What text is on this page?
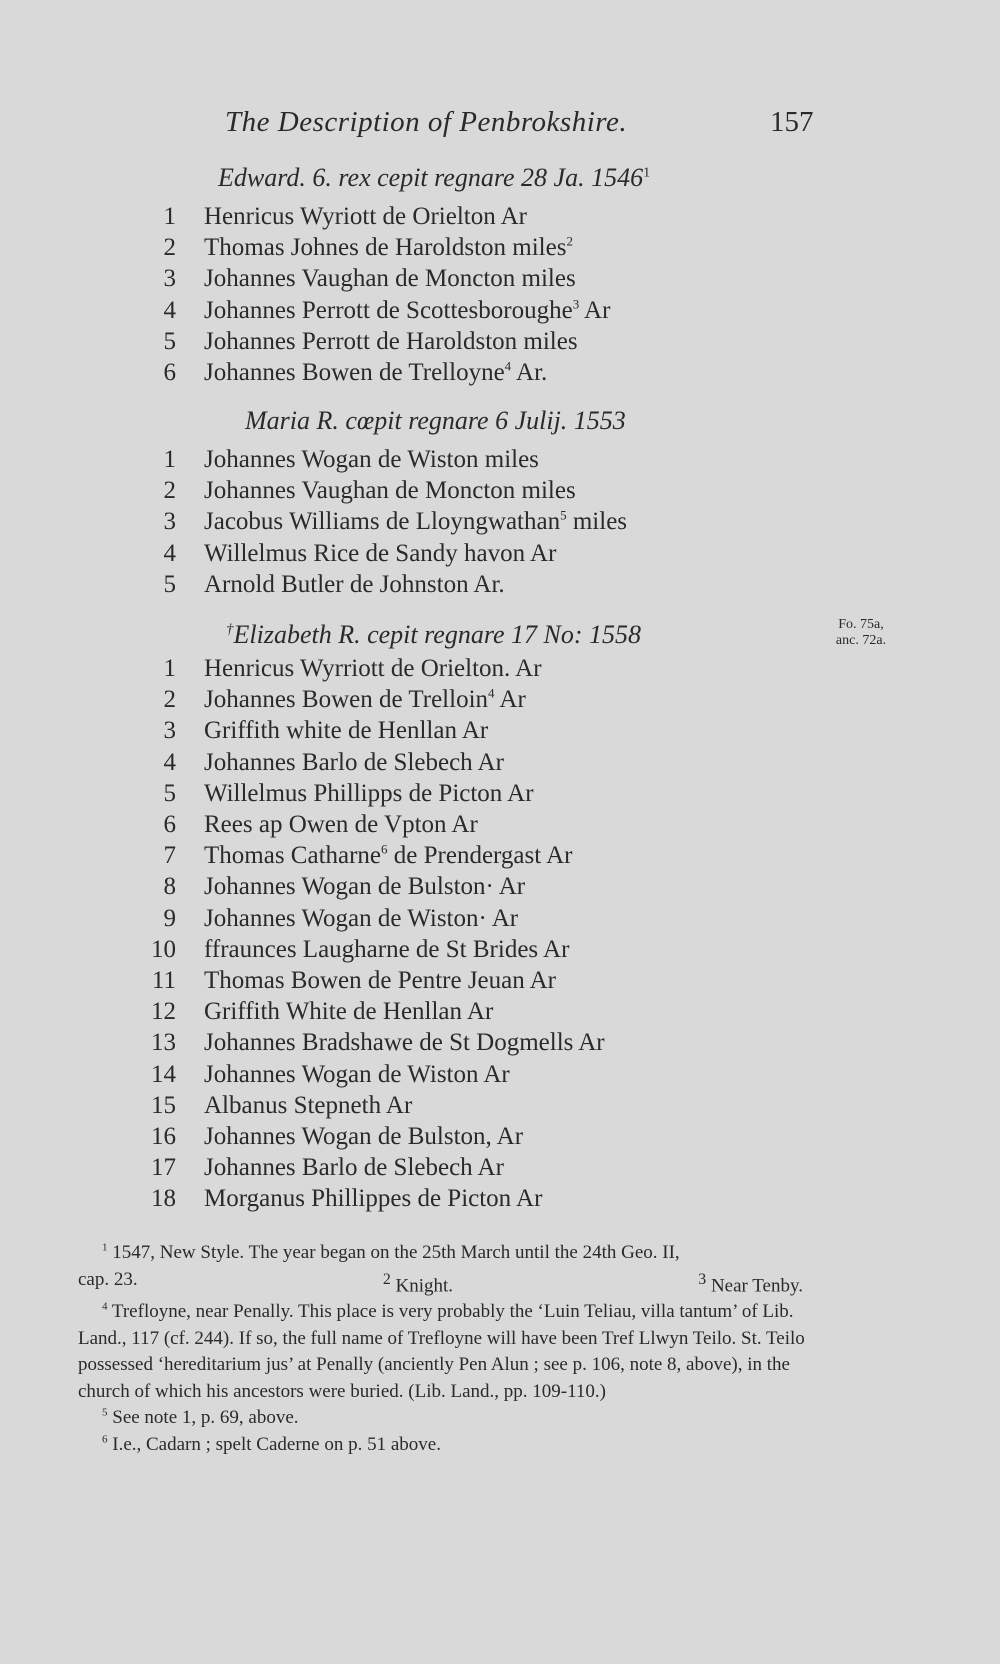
The Description of Penbrokshire.	157
Edward. 6. rex cepit regnare 28 Ja. 1546$^1$
1 Henricus Wyriott de Orielton Ar
2 Thomas Johnes de Haroldston miles$^2$
3 Johannes Vaughan de Moncton miles
4 Johannes Perrott de Scottesboroughe$^3$ Ar
5 Johannes Perrott de Haroldston miles
6 Johannes Bowen de Trelloyne$^4$ Ar.
Maria R. cœpit regnare 6 Julij. 1553
1 Johannes Wogan de Wiston miles
2 Johannes Vaughan de Moncton miles
3 Jacobus Williams de Lloyngwathan$^5$ miles
4 Willelmus Rice de Sandy havon Ar
5 Arnold Butler de Johnston Ar.
†Elizabeth R. cepit regnare 17 No: 1558	Fo. 75a,
anc. 72a.
1 Henricus Wyrriott de Orielton. Ar
2 Johannes Bowen de Trelloin$^4$ Ar
3 Griffith white de Henllan Ar
4 Johannes Barlo de Slebech Ar
5 Willelmus Phillipps de Picton Ar
6 Rees ap Owen de Vpton Ar
7 Thomas Catharne$^6$ de Prendergast Ar
8 Johannes Wogan de Bulston· Ar
9 Johannes Wogan de Wiston· Ar
10 ffraunces Laugharne de St Brides Ar
11 Thomas Bowen de Pentre Jeuan Ar
12 Griffith White de Henllan Ar
13 Johannes Bradshawe de St Dogmells Ar
14 Johannes Wogan de Wiston Ar
15 Albanus Stepneth Ar
16 Johannes Wogan de Bulston, Ar
17 Johannes Barlo de Slebech Ar
18 Morganus Phillippes de Picton Ar

$^1$ 1547, New Style. The year began on the 25th March until the 24th Geo. II,

cap. 23.	$^2$ Knight.	$^3$ Near Tenby.

$^4$ Trefloyne, near Penally. This place is very probably the ‘Luin Teliau, villa tantum’ of Lib. Land., 117 (cf. 244). If so, the full name of Trefloyne will have been Tref Llwyn Teilo. St. Teilo possessed ‘hereditarium jus’ at Penally (anciently Pen Alun ; see p. 106, note 8, above), in the church of which his ancestors were buried. (Lib. Land., pp. 109-110.)

$^5$ See note 1, p. 69, above.

$^6$ I.e., Cadarn ; spelt Caderne on p. 51 above.
